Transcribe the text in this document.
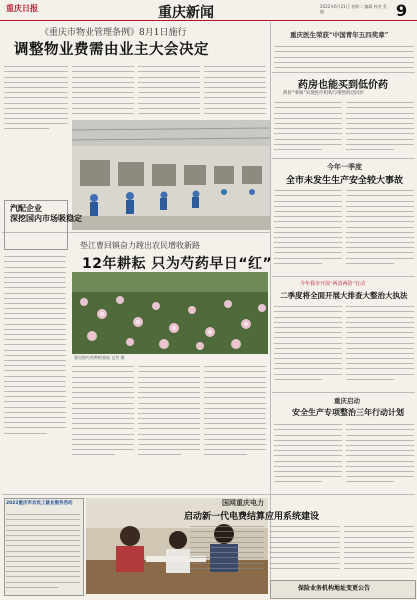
重庆日报	重庆新闻	2022年6月21日 星期二 编辑 校对 美编	9
《重庆市物业管理条例》8月1日施行
调整物业费需由业主大会决定
汽配企业
深挖国内市场吸稳定
垫江曹回镇奋力蹚出农民增收新路
12年耕耘 只为芍药早日“红”
曹回镇芍药种植基地 记者 摄
2022重庆市农民工就业服务活动
重庆医生荣获“中国青年五四奖章”
药房也能买到低价药
药价“零加”实现医疗机构与零售药店同步
今年一季度
全市未发生生产安全较大事故
今年我市开展“两清两防”行动
二季度将全面开展大排查大整治大执法
重庆启动
安全生产专项整治三年行动计划
国网重庆电力
启动新一代电费结算应用系统建设
保险业务机构地址变更公告
